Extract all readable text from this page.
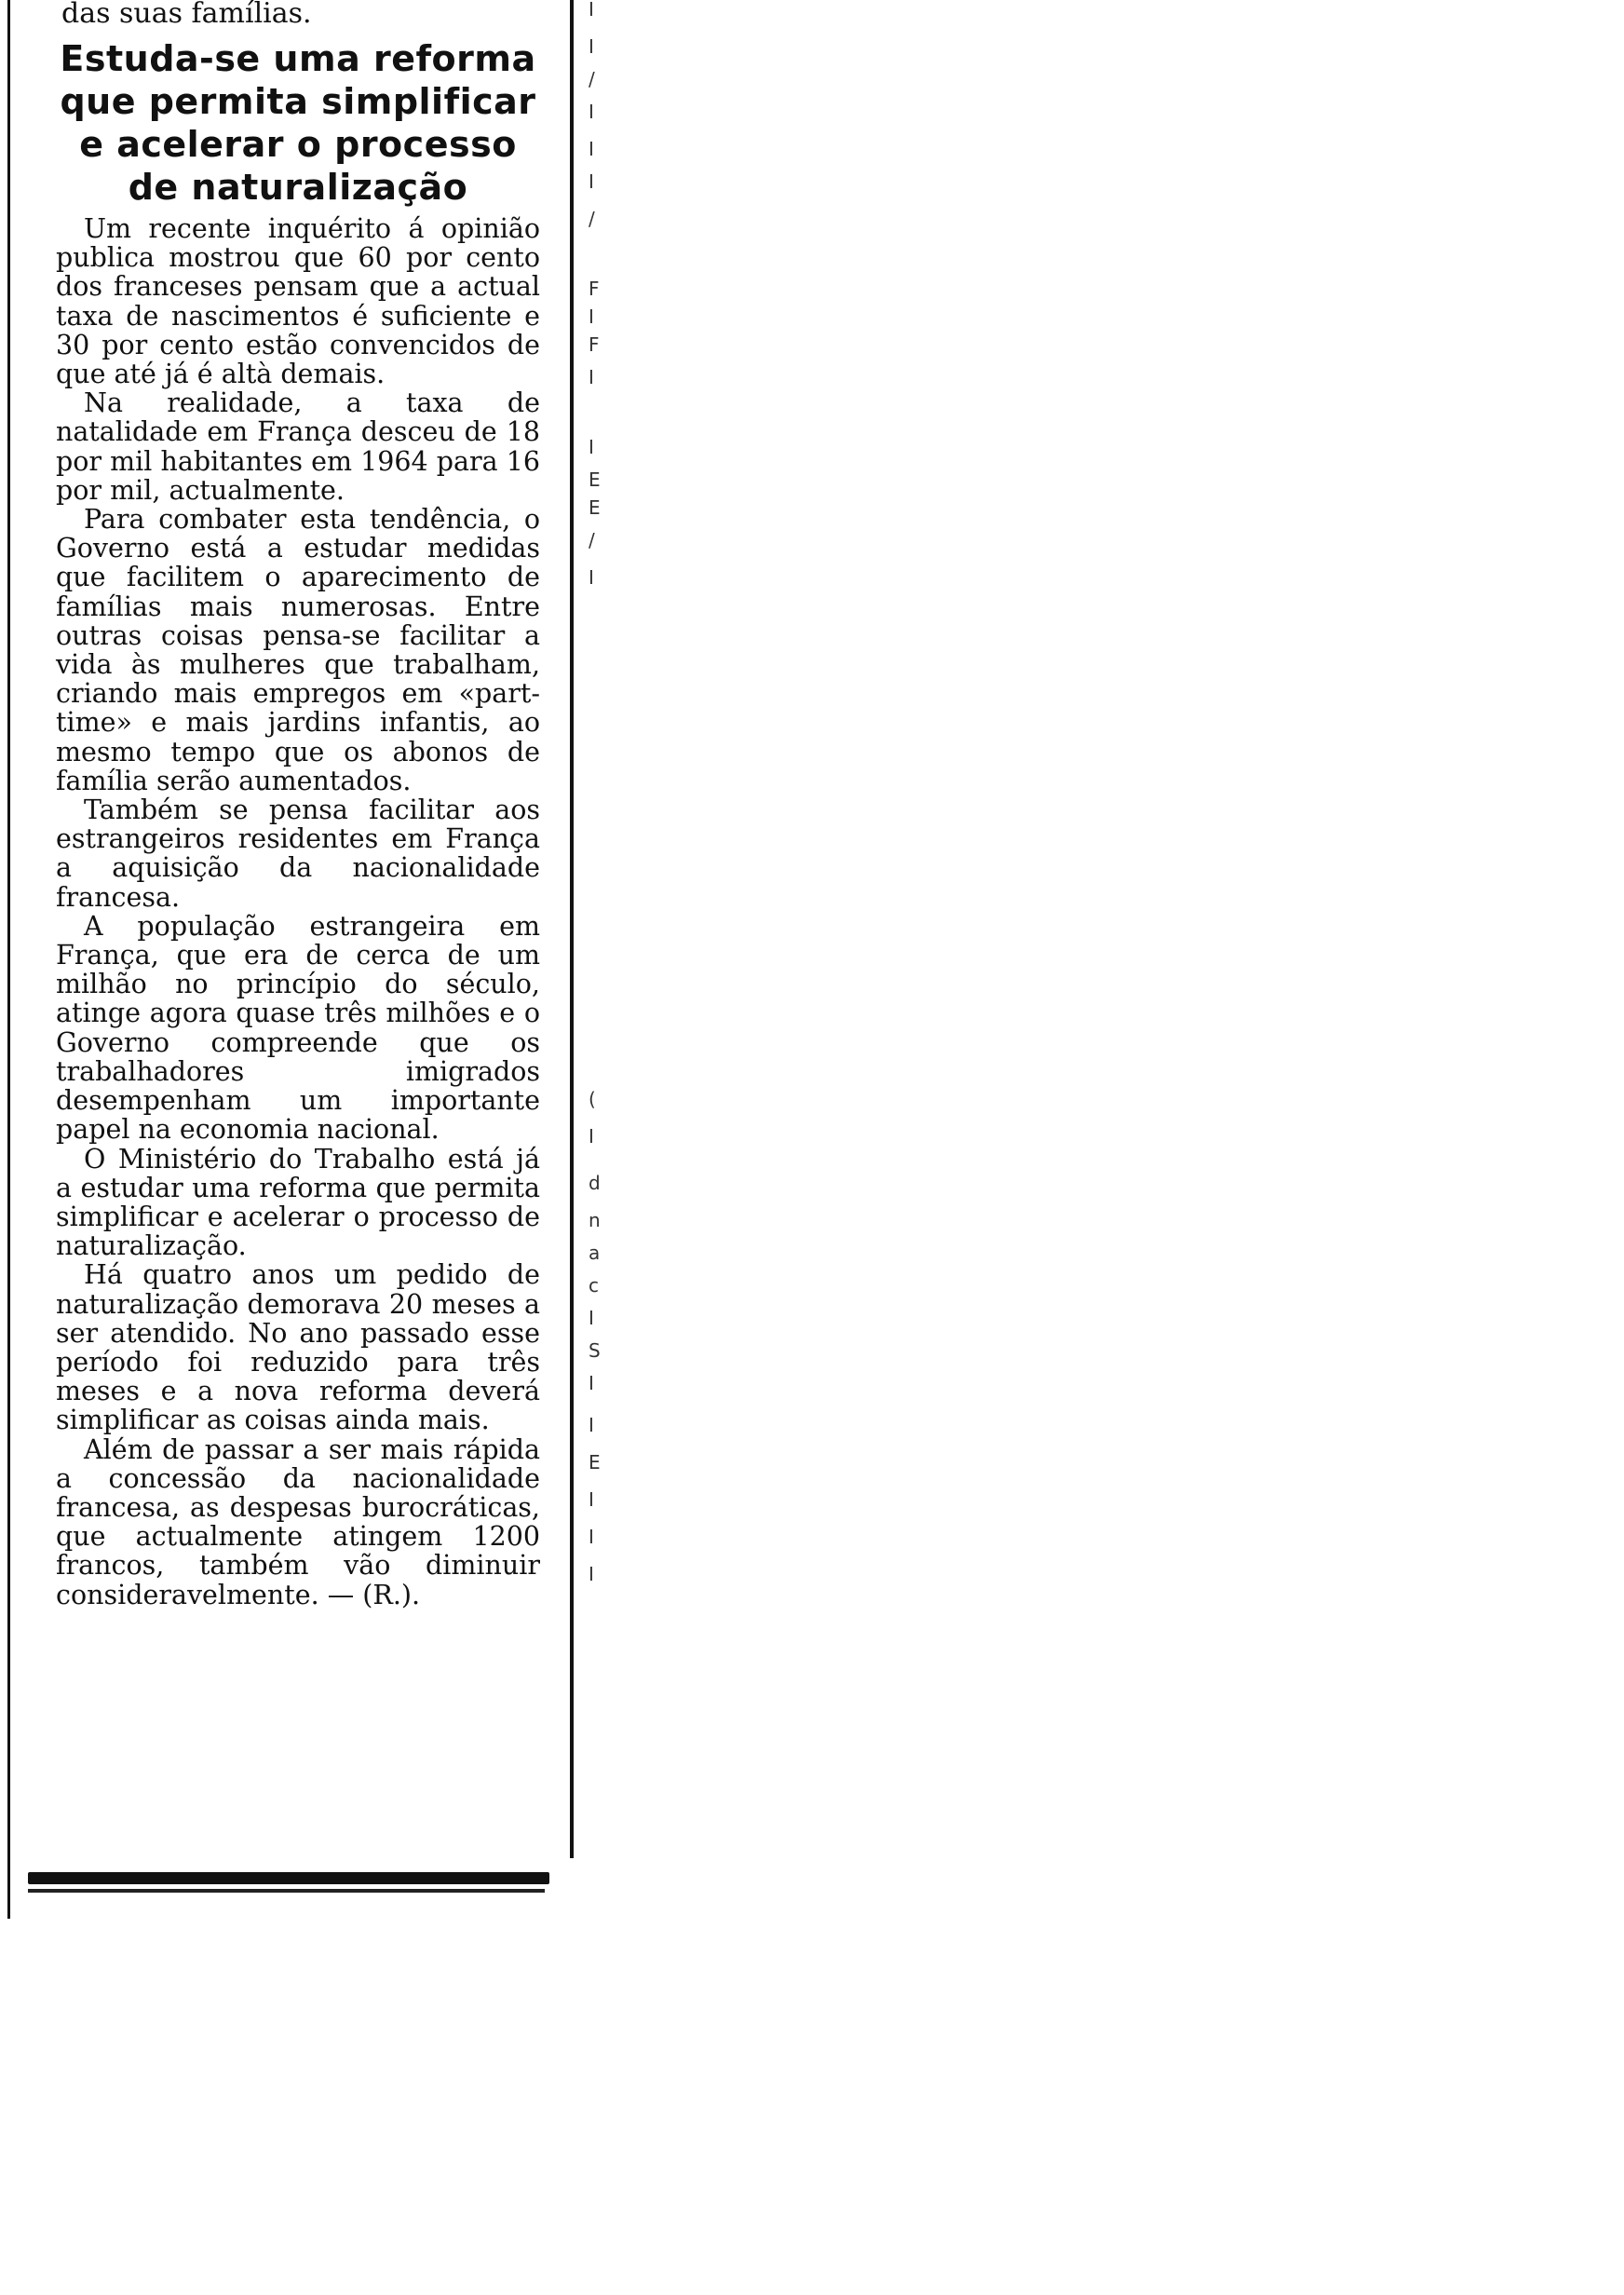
das suas famílias.

Estuda-se uma reforma que permita simplificar e acelerar o processo de naturalização

Um recente inquérito á opinião publica mostrou que 60 por cento dos franceses pensam que a actual taxa de nascimentos é suficiente e 30 por cento estão convencidos de que até já é altà demais.

Na realidade, a taxa de natalidade em França desceu de 18 por mil habitantes em 1964 para 16 por mil, actualmente.

Para combater esta tendência, o Governo está a estudar medidas que facilitem o aparecimento de famílias mais numerosas. Entre outras coisas pensa-se facilitar a vida às mulheres que trabalham, criando mais empregos em «part-time» e mais jardins infantis, ao mesmo tempo que os abonos de família serão aumentados.

Também se pensa facilitar aos estrangeiros residentes em França a aquisição da nacionalidade francesa.

A população estrangeira em França, que era de cerca de um milhão no princípio do século, atinge agora quase três milhões e o Governo compreende que os trabalhadores imigrados desempenham um importante papel na economia nacional.

O Ministério do Trabalho está já a estudar uma reforma que permita simplificar e acelerar o processo de naturalização.

Há quatro anos um pedido de naturalização demorava 20 meses a ser atendido. No ano passado esse período foi reduzido para três meses e a nova reforma deverá simplificar as coisas ainda mais.

Além de passar a ser mais rápida a concessão da nacionalidade francesa, as despesas burocráticas, que actualmente atingem 1200 francos, também vão diminuir consideravelmente. — (R.).

I
I
/
I
I
I
/
F
I
F
I
I
E
E
/
I
(
I
d
n
a
c
I
S
I
I
E
I
I
I
